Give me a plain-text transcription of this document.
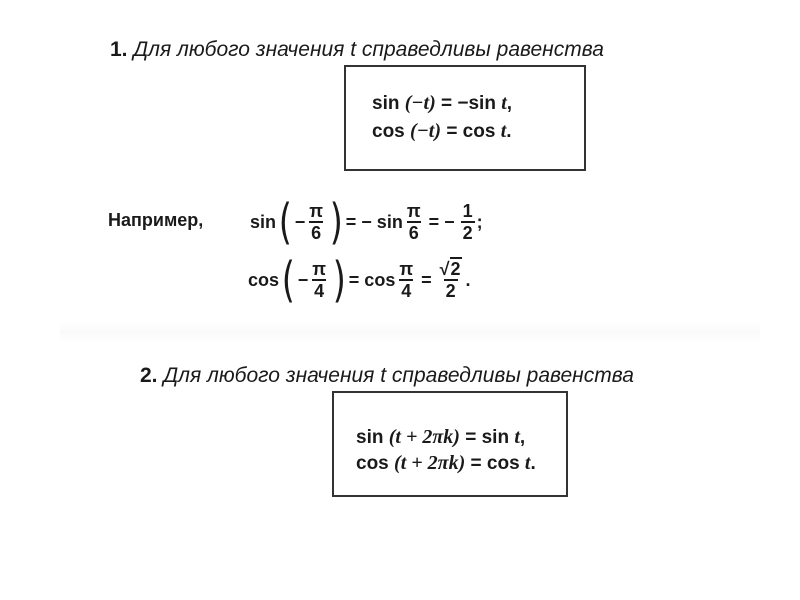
1. Для любого значения t справедливы равенства
sin (−t) = −sin t,
cos (−t) = cos t.
Например,	sin ( − $\frac{\pi}{6}$ ) = − $\sin \frac{\pi}{6}$ = − $\frac{1}{2}$ ;
cos ( − $\frac{\pi}{4}$ ) = $\cos \frac{\pi}{4} = \frac{√2}{2}$ .
2. Для любого значения t справедливы равенства
sin (t + 2πk) = sin t,
cos (t + 2πk) = cos t.
